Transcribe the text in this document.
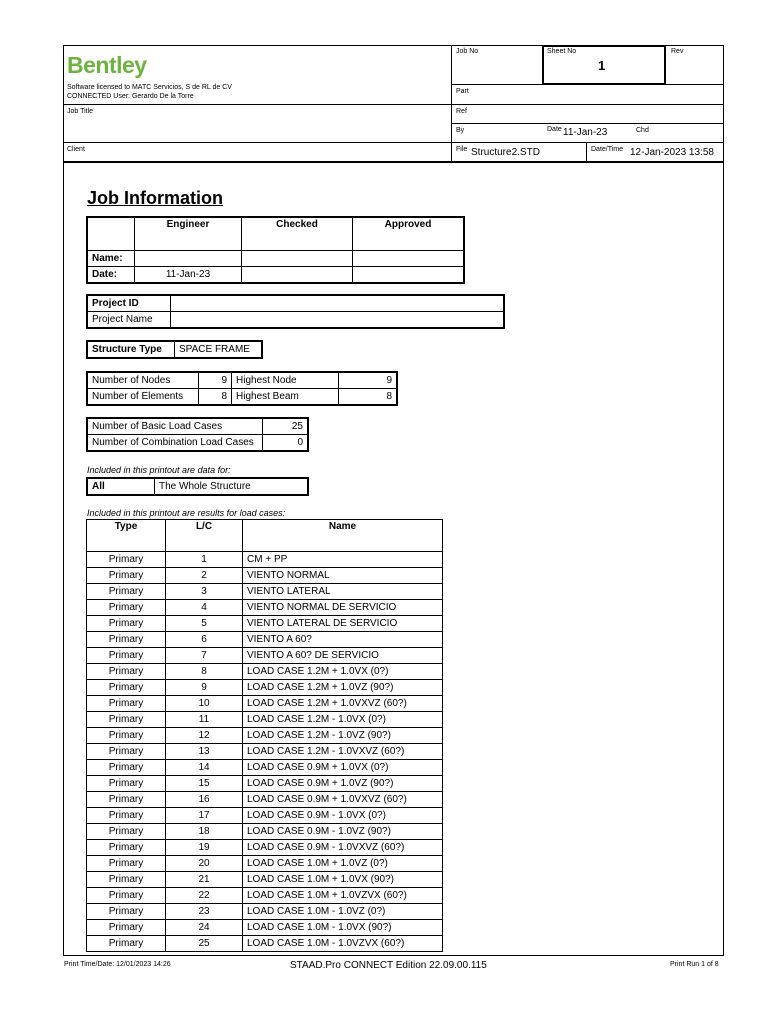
Bentley
Software licensed to MATC Servicios, S de RL de CV
CONNECTED User: Gerardo De la Torre
Job Title
Client
Job No	Sheet No
1
Rev
Part
Ref
By	Date 11-Jan-23	Chd
File Structure2.STD	Date/Time 12-Jan-2023 13:58
Job Information
	Engineer	Checked	Approved
Name:			
Date:	11-Jan-23		
Project ID	
Project Name	
Structure Type	SPACE FRAME
Number of Nodes	9	Highest Node	9
Number of Elements	8	Highest Beam	8
Number of Basic Load Cases	25
Number of Combination Load Cases	0
Included in this printout are data for:
All	The Whole Structure
Included in this printout are results for load cases:
Type	L/C	Name
Primary	1	CM + PP
Primary	2	VIENTO NORMAL
Primary	3	VIENTO LATERAL
Primary	4	VIENTO NORMAL DE SERVICIO
Primary	5	VIENTO LATERAL DE SERVICIO
Primary	6	VIENTO A 60?
Primary	7	VIENTO A 60? DE SERVICIO
Primary	8	LOAD CASE 1.2M + 1.0VX (0?)
Primary	9	LOAD CASE 1.2M + 1.0VZ (90?)
Primary	10	LOAD CASE 1.2M + 1.0VXVZ (60?)
Primary	11	LOAD CASE 1.2M - 1.0VX (0?)
Primary	12	LOAD CASE 1.2M - 1.0VZ (90?)
Primary	13	LOAD CASE 1.2M - 1.0VXVZ (60?)
Primary	14	LOAD CASE 0.9M + 1.0VX (0?)
Primary	15	LOAD CASE 0.9M + 1.0VZ (90?)
Primary	16	LOAD CASE 0.9M + 1.0VXVZ (60?)
Primary	17	LOAD CASE 0.9M - 1.0VX (0?)
Primary	18	LOAD CASE 0.9M - 1.0VZ (90?)
Primary	19	LOAD CASE 0.9M - 1.0VXVZ (60?)
Primary	20	LOAD CASE 1.0M + 1.0VZ (0?)
Primary	21	LOAD CASE 1.0M + 1.0VX (90?)
Primary	22	LOAD CASE 1.0M + 1.0VZVX (60?)
Primary	23	LOAD CASE 1.0M - 1.0VZ (0?)
Primary	24	LOAD CASE 1.0M - 1.0VX (90?)
Primary	25	LOAD CASE 1.0M - 1.0VZVX (60?)
Print Time/Date: 12/01/2023 14:26	STAAD.Pro CONNECT Edition 22.09.00.115	Print Run 1 of 8
